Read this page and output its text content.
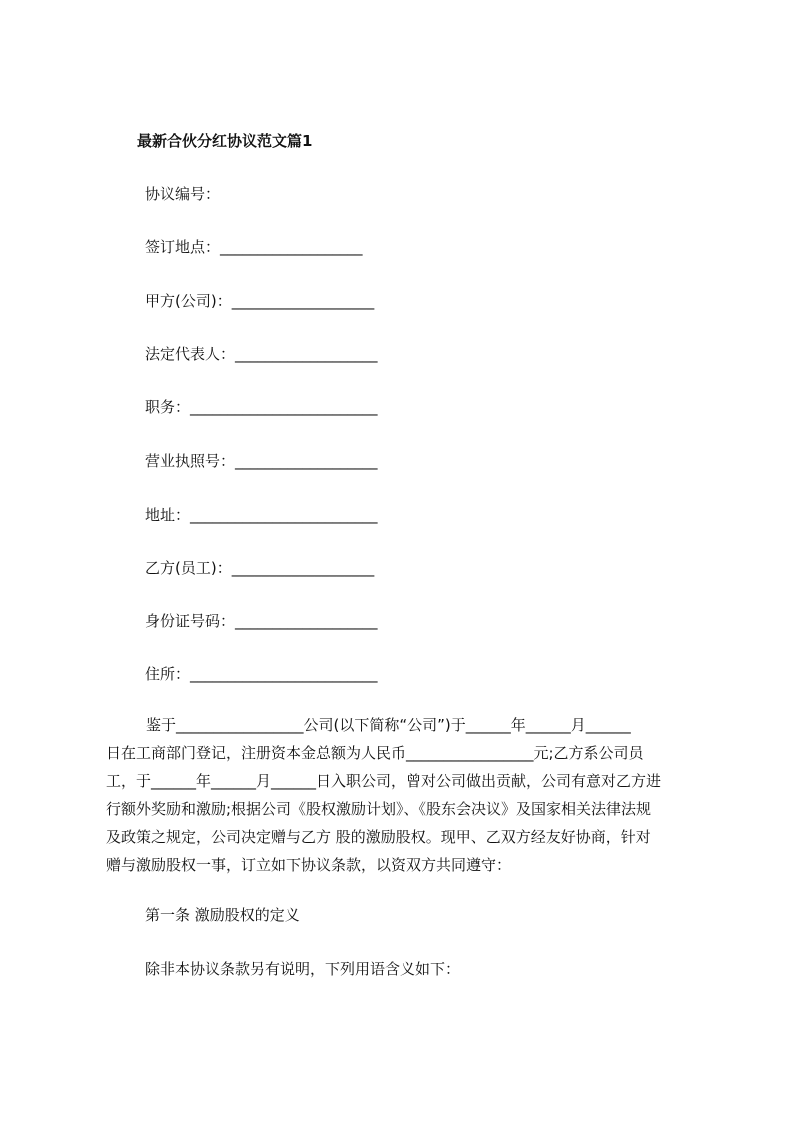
最新合伙分红协议范文篇1
协议编号：
签订地点：___________________
甲方(公司)：___________________
法定代表人：___________________
职务：_________________________
营业执照号：___________________
地址：_________________________
乙方(员工)：___________________
身份证号码：___________________
住所：_________________________
鉴于_________________公司(以下简称“公司”)于______年______月______
日在工商部门登记，注册资本金总额为人民币_________________元;乙方系公司员
工，于______年______月______日入职公司，曾对公司做出贡献，公司有意对乙方进
行额外奖励和激励;根据公司《股权激励计划》、《股东会决议》及国家相关法律法规
及政策之规定，公司决定赠与乙方 股的激励股权。现甲、乙双方经友好协商，针对
赠与激励股权一事，订立如下协议条款，以资双方共同遵守：
第一条 激励股权的定义
除非本协议条款另有说明，下列用语含义如下：
